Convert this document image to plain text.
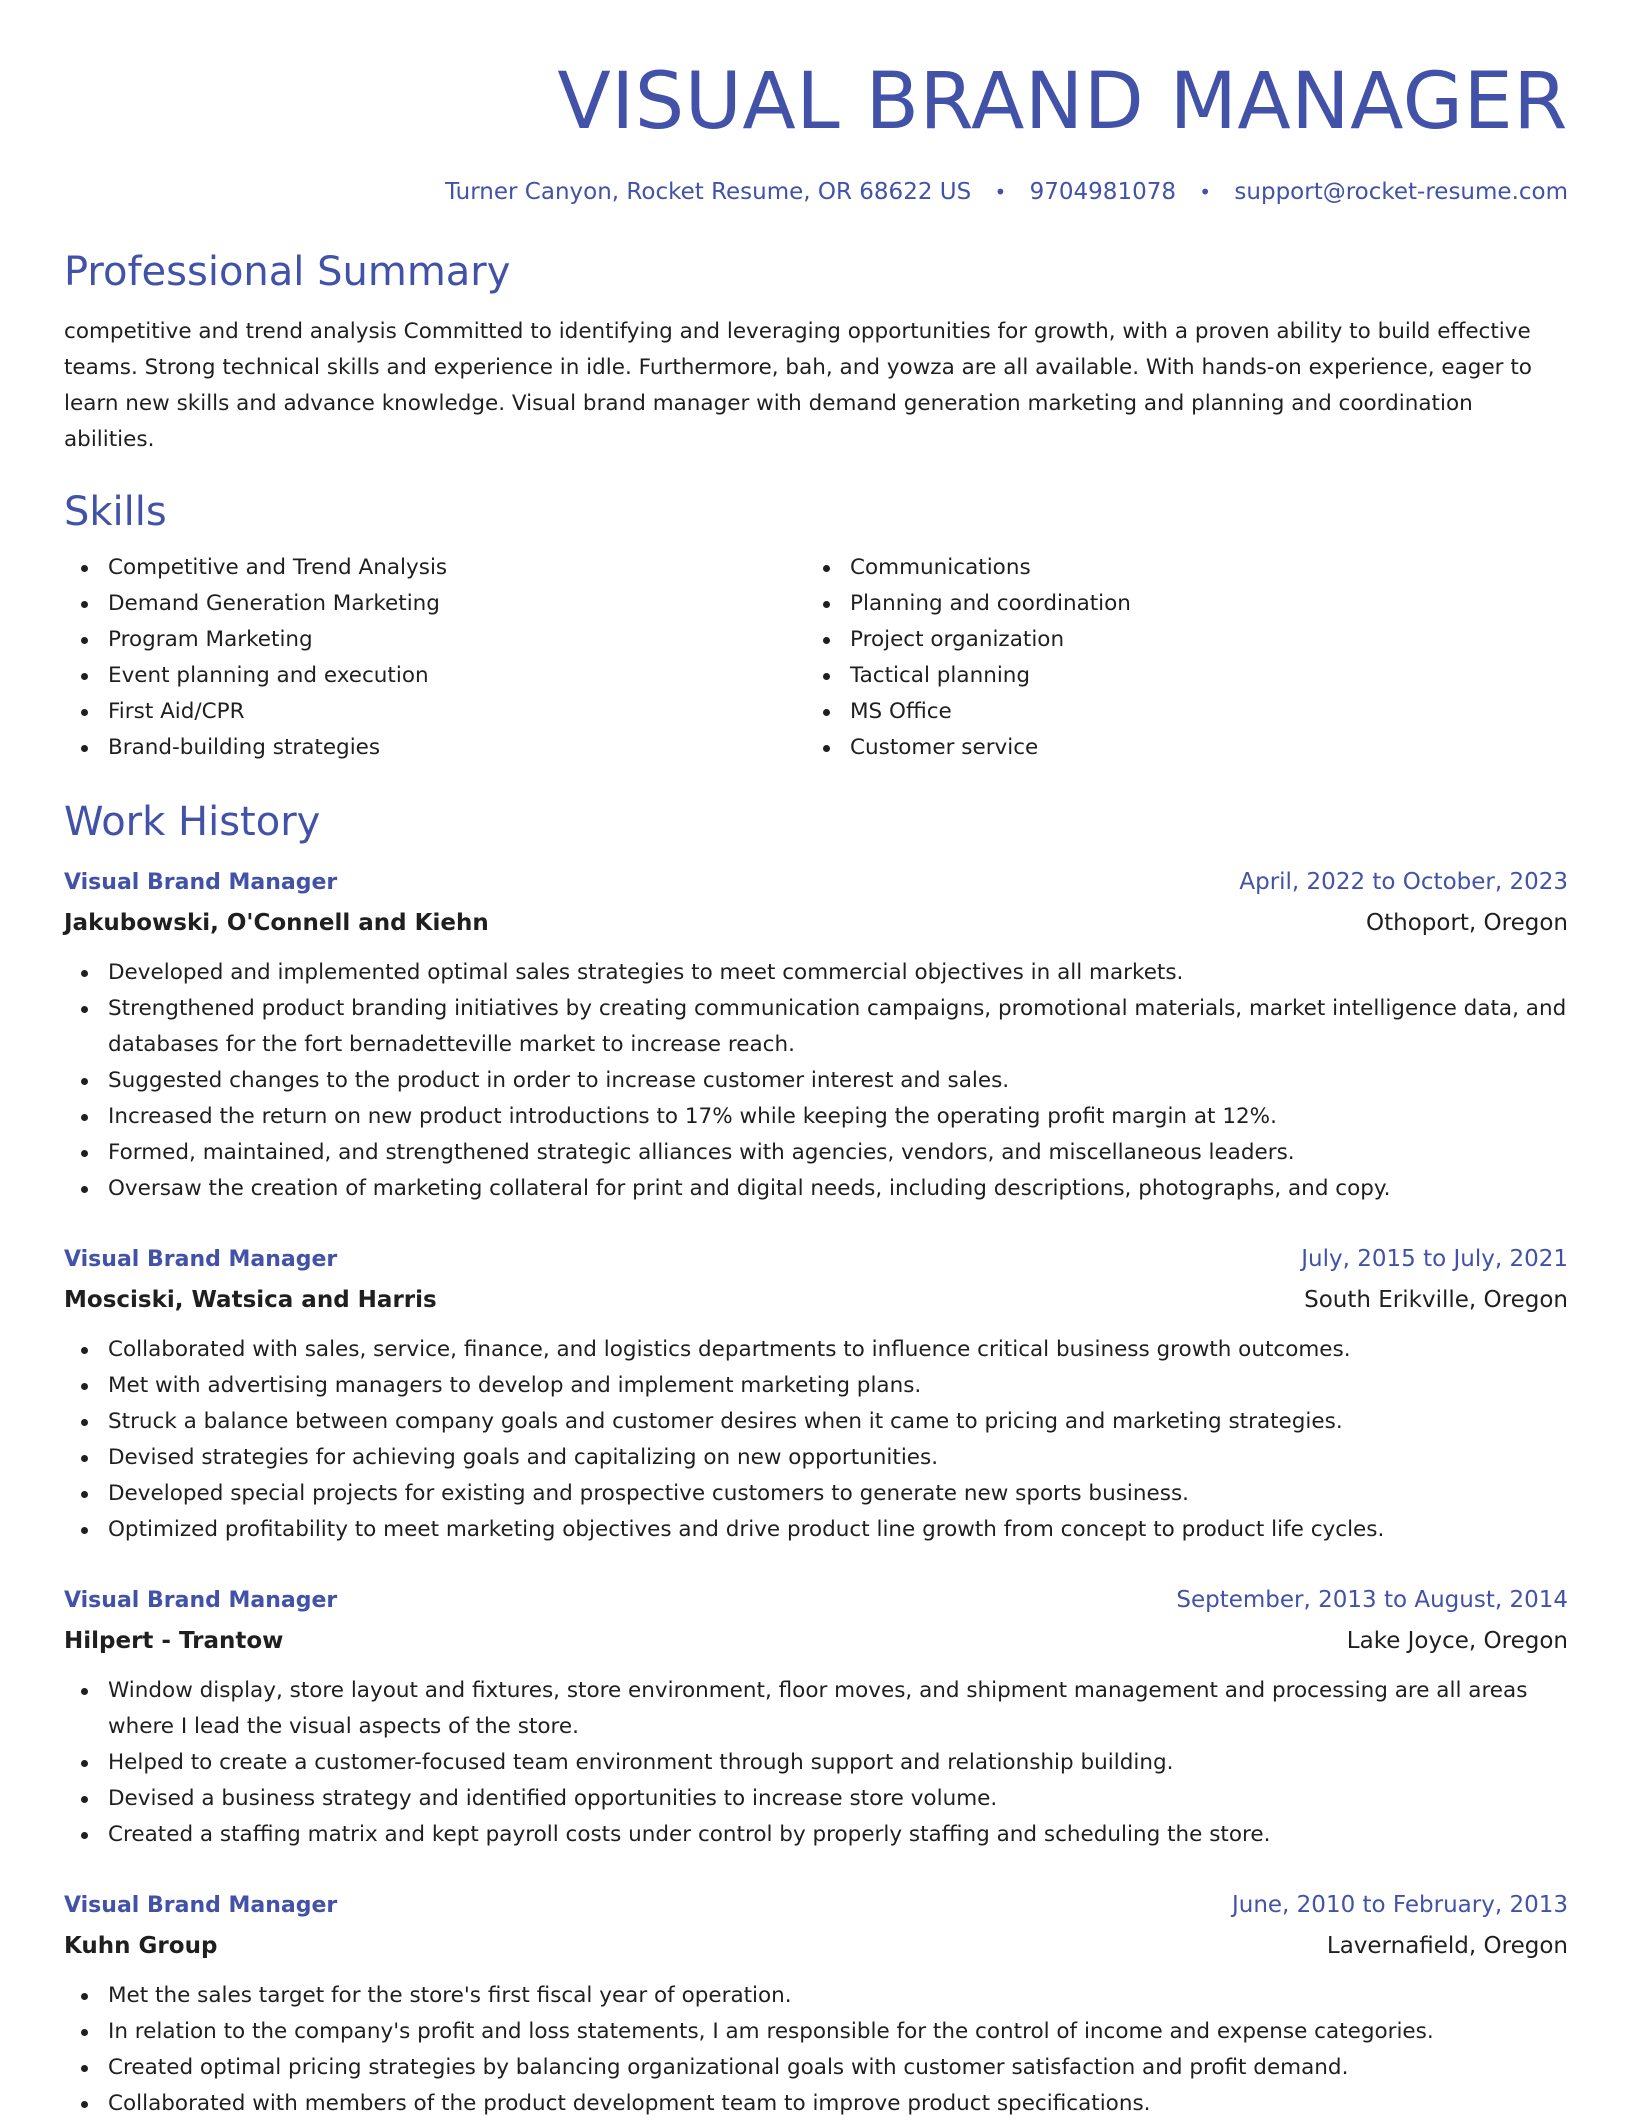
VISUAL BRAND MANAGER
Turner Canyon, Rocket Resume, OR 68622 US • 9704981078 • support@rocket-resume.com
Professional Summary
competitive and trend analysis Committed to identifying and leveraging opportunities for growth, with a proven ability to build effective teams. Strong technical skills and experience in idle. Furthermore, bah, and yowza are all available. With hands-on experience, eager to learn new skills and advance knowledge. Visual brand manager with demand generation marketing and planning and coordination abilities.
Skills
Competitive and Trend Analysis
Demand Generation Marketing
Program Marketing
Event planning and execution
First Aid/CPR
Brand-building strategies
Communications
Planning and coordination
Project organization
Tactical planning
MS Office
Customer service
Work History
Visual Brand Manager	April, 2022 to October, 2023
Jakubowski, O'Connell and Kiehn	Othoport, Oregon
Developed and implemented optimal sales strategies to meet commercial objectives in all markets.
Strengthened product branding initiatives by creating communication campaigns, promotional materials, market intelligence data, and databases for the fort bernadetteville market to increase reach.
Suggested changes to the product in order to increase customer interest and sales.
Increased the return on new product introductions to 17% while keeping the operating profit margin at 12%.
Formed, maintained, and strengthened strategic alliances with agencies, vendors, and miscellaneous leaders.
Oversaw the creation of marketing collateral for print and digital needs, including descriptions, photographs, and copy.
Visual Brand Manager	July, 2015 to July, 2021
Mosciski, Watsica and Harris	South Erikville, Oregon
Collaborated with sales, service, finance, and logistics departments to influence critical business growth outcomes.
Met with advertising managers to develop and implement marketing plans.
Struck a balance between company goals and customer desires when it came to pricing and marketing strategies.
Devised strategies for achieving goals and capitalizing on new opportunities.
Developed special projects for existing and prospective customers to generate new sports business.
Optimized profitability to meet marketing objectives and drive product line growth from concept to product life cycles.
Visual Brand Manager	September, 2013 to August, 2014
Hilpert - Trantow	Lake Joyce, Oregon
Window display, store layout and fixtures, store environment, floor moves, and shipment management and processing are all areas where I lead the visual aspects of the store.
Helped to create a customer-focused team environment through support and relationship building.
Devised a business strategy and identified opportunities to increase store volume.
Created a staffing matrix and kept payroll costs under control by properly staffing and scheduling the store.
Visual Brand Manager	June, 2010 to February, 2013
Kuhn Group	Lavernafield, Oregon
Met the sales target for the store's first fiscal year of operation.
In relation to the company's profit and loss statements, I am responsible for the control of income and expense categories.
Created optimal pricing strategies by balancing organizational goals with customer satisfaction and profit demand.
Collaborated with members of the product development team to improve product specifications.
